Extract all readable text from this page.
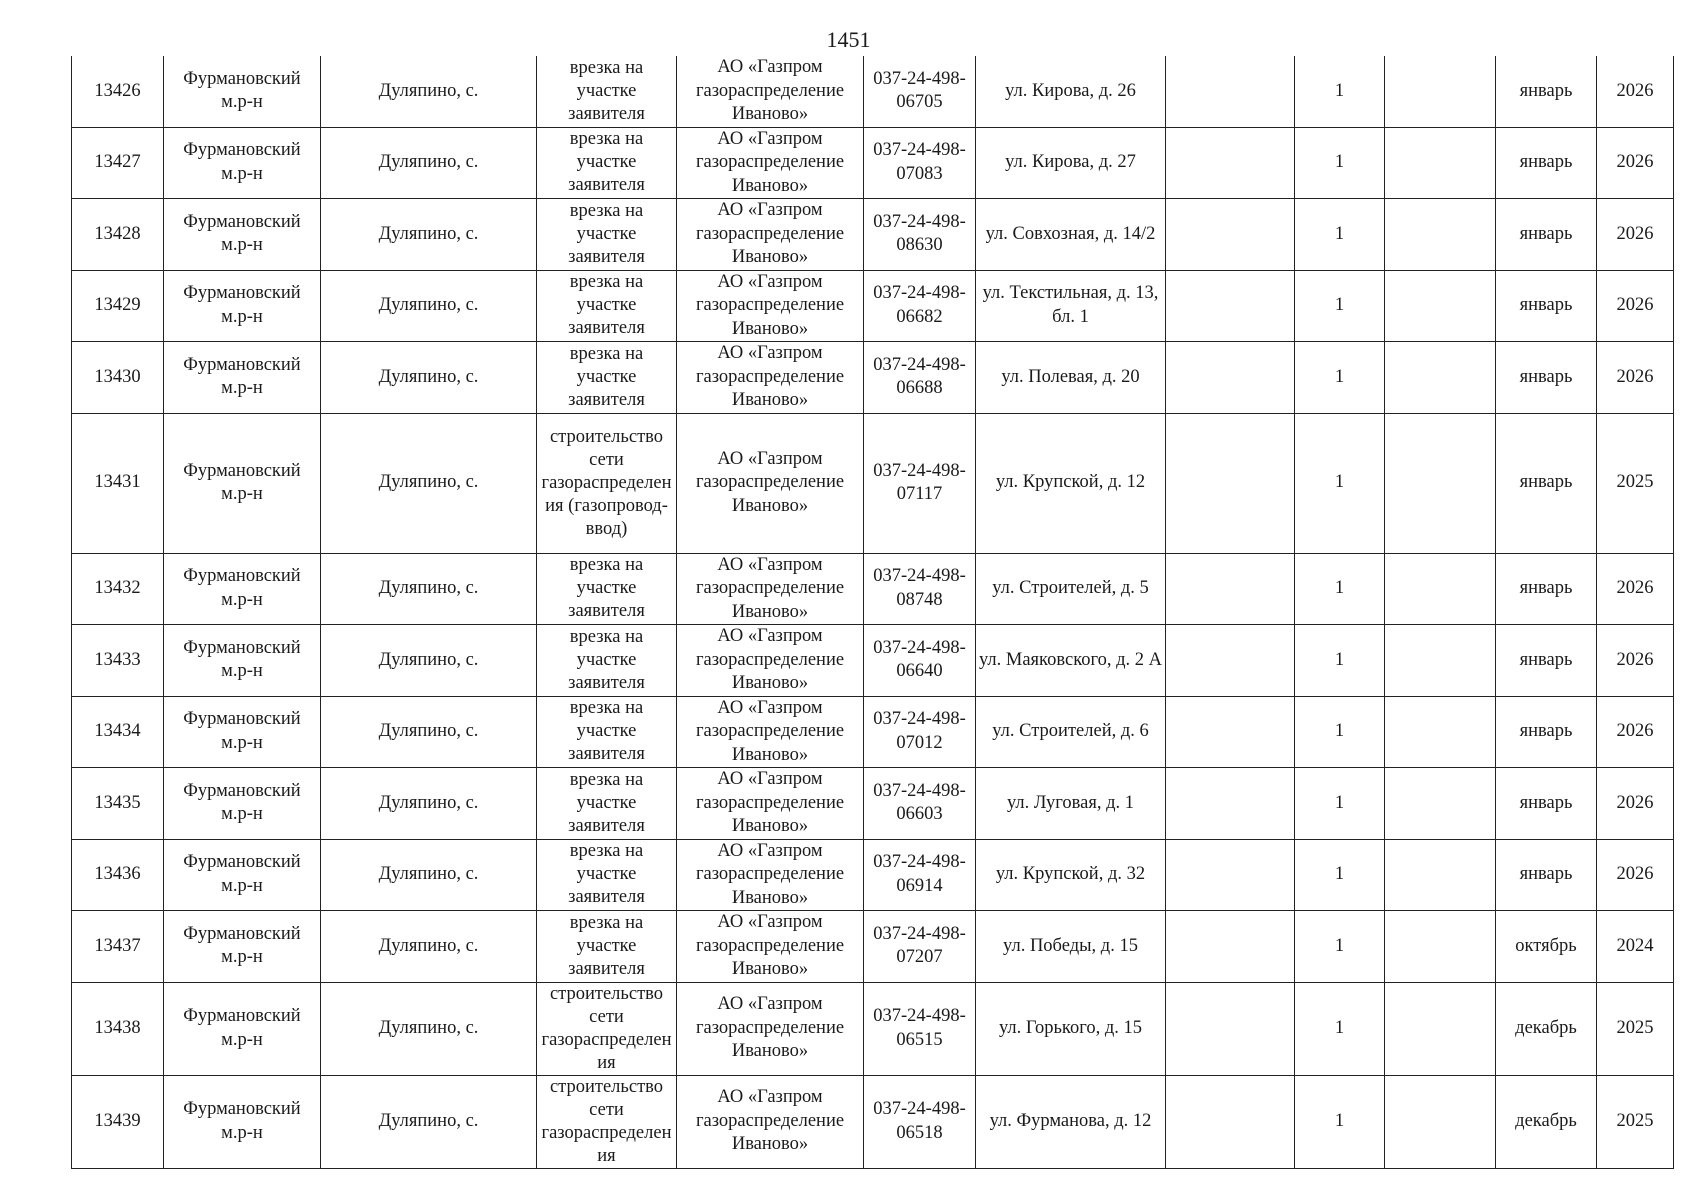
1451
13426	Фурмановский м.р-н	Дуляпино, с.	врезка на участке заявителя	АО «Газпром газораспределение Иваново»	037-24-498-06705	ул. Кирова, д. 26		1		январь	2026
13427	Фурмановский м.р-н	Дуляпино, с.	врезка на участке заявителя	АО «Газпром газораспределение Иваново»	037-24-498-07083	ул. Кирова, д. 27		1		январь	2026
13428	Фурмановский м.р-н	Дуляпино, с.	врезка на участке заявителя	АО «Газпром газораспределение Иваново»	037-24-498-08630	ул. Совхозная, д. 14/2		1		январь	2026
13429	Фурмановский м.р-н	Дуляпино, с.	врезка на участке заявителя	АО «Газпром газораспределение Иваново»	037-24-498-06682	ул. Текстильная, д. 13, бл. 1		1		январь	2026
13430	Фурмановский м.р-н	Дуляпино, с.	врезка на участке заявителя	АО «Газпром газораспределение Иваново»	037-24-498-06688	ул. Полевая, д. 20		1		январь	2026
13431	Фурмановский м.р-н	Дуляпино, с.	строительство сети газораспределения (газопровод-ввод)	АО «Газпром газораспределение Иваново»	037-24-498-07117	ул. Крупской, д. 12		1		январь	2025
13432	Фурмановский м.р-н	Дуляпино, с.	врезка на участке заявителя	АО «Газпром газораспределение Иваново»	037-24-498-08748	ул. Строителей, д. 5		1		январь	2026
13433	Фурмановский м.р-н	Дуляпино, с.	врезка на участке заявителя	АО «Газпром газораспределение Иваново»	037-24-498-06640	ул. Маяковского, д. 2 А		1		январь	2026
13434	Фурмановский м.р-н	Дуляпино, с.	врезка на участке заявителя	АО «Газпром газораспределение Иваново»	037-24-498-07012	ул. Строителей, д. 6		1		январь	2026
13435	Фурмановский м.р-н	Дуляпино, с.	врезка на участке заявителя	АО «Газпром газораспределение Иваново»	037-24-498-06603	ул. Луговая, д. 1		1		январь	2026
13436	Фурмановский м.р-н	Дуляпино, с.	врезка на участке заявителя	АО «Газпром газораспределение Иваново»	037-24-498-06914	ул. Крупской, д. 32		1		январь	2026
13437	Фурмановский м.р-н	Дуляпино, с.	врезка на участке заявителя	АО «Газпром газораспределение Иваново»	037-24-498-07207	ул. Победы, д. 15		1		октябрь	2024
13438	Фурмановский м.р-н	Дуляпино, с.	строительство сети газораспределения	АО «Газпром газораспределение Иваново»	037-24-498-06515	ул. Горького, д. 15		1		декабрь	2025
13439	Фурмановский м.р-н	Дуляпино, с.	строительство сети газораспределения	АО «Газпром газораспределение Иваново»	037-24-498-06518	ул. Фурманова, д. 12		1		декабрь	2025
